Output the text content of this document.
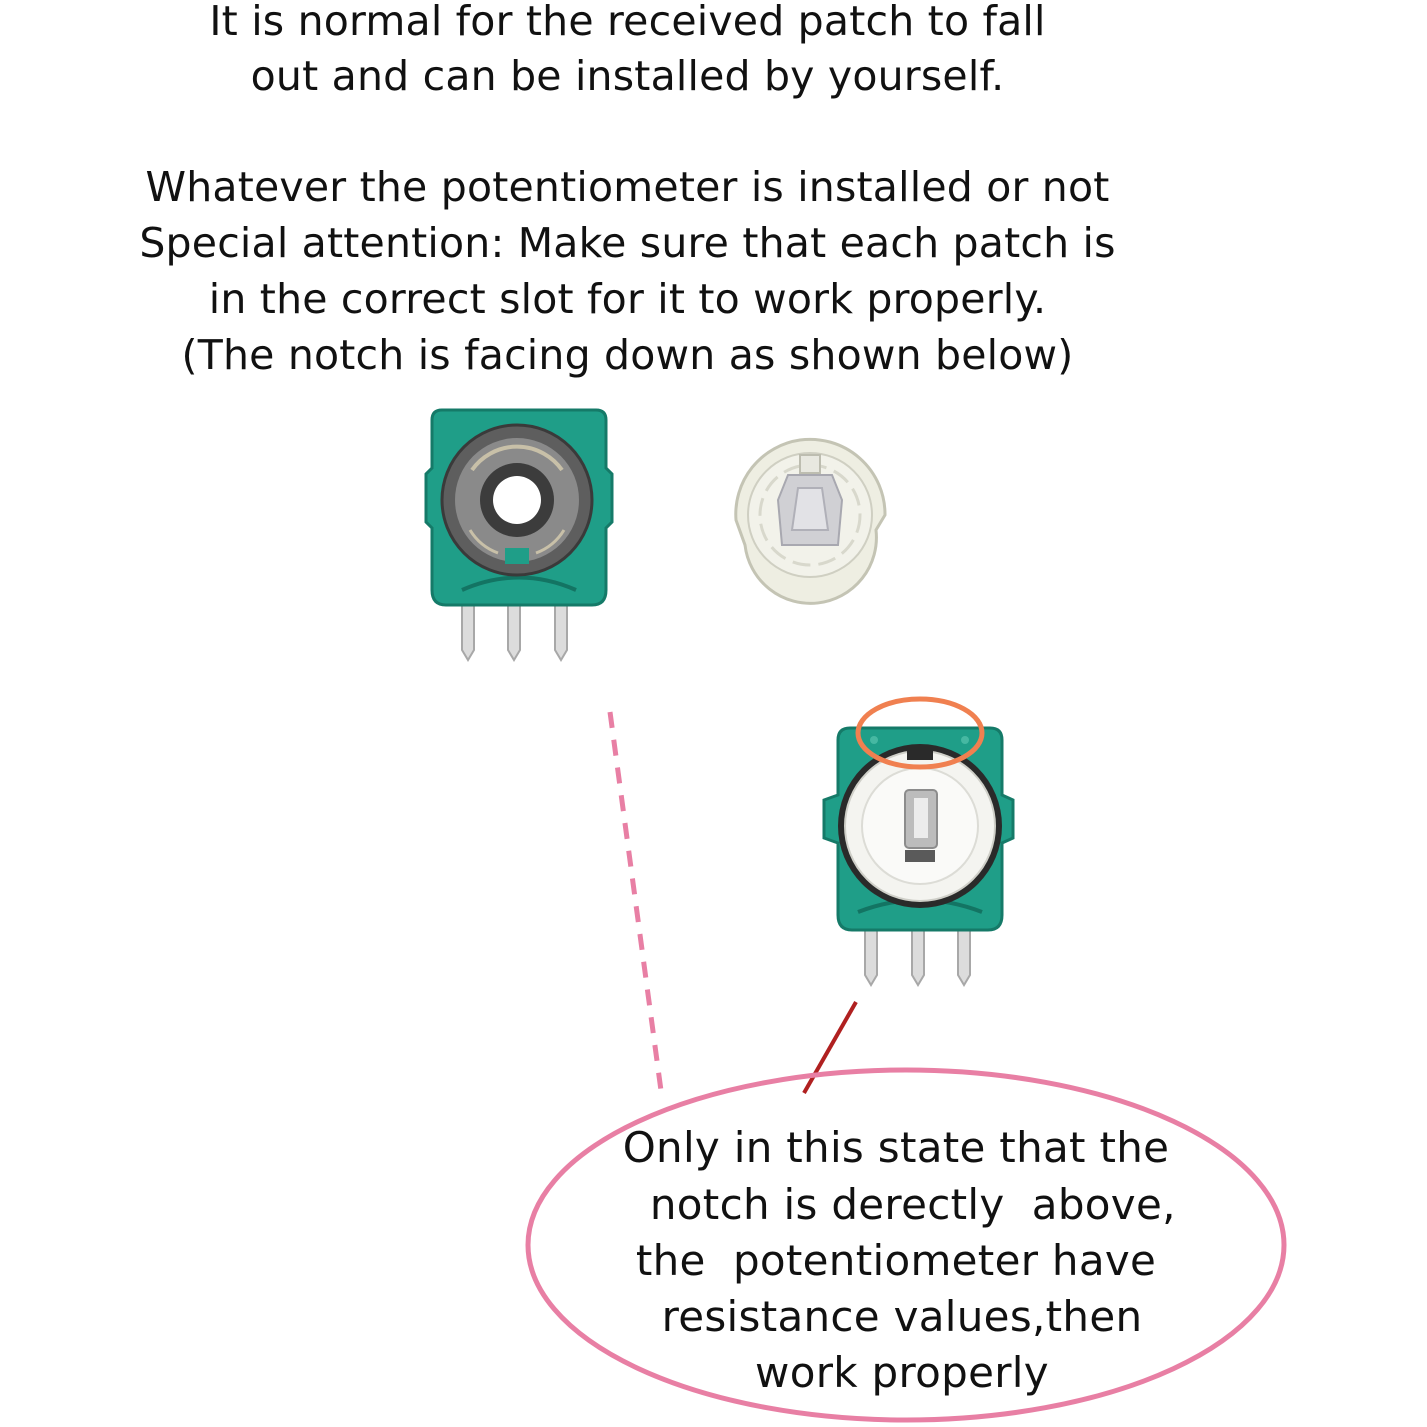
It is normal for the received patch to fall
out and can be installed by yourself.
Whatever the potentiometer is installed or not
Special attention: Make sure that each patch is
in the correct slot for it to work properly.
(The notch is facing down as shown below)
Only in this state that the
notch is derectly  above,
the  potentiometer have
resistance values,then
work properly
